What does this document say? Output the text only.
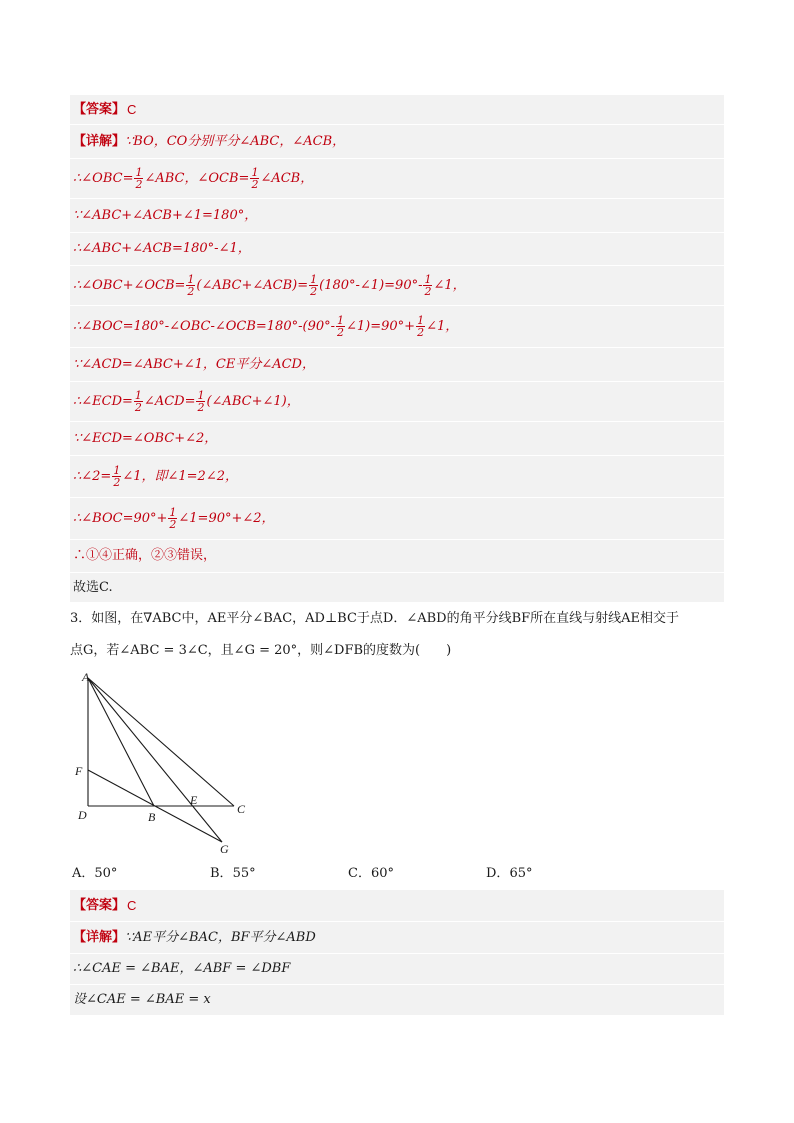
【答案】 C
【详解】 ∵BO，CO分别平分∠ABC，∠ACB，
∴∠OBC= $\frac{1}{2}$ ∠ABC，∠OCB= $\frac{1}{2}$ ∠ACB，
∵∠ABC+∠ACB+∠1=180°，
∴∠ABC+∠ACB=180°-∠1，
∴∠OBC+∠OCB= $\frac{1}{2}$ (∠ABC+∠ACB)= $\frac{1}{2}$ (180°-∠1)=90°- $\frac{1}{2}$ ∠1，
∴∠BOC=180°-∠OBC-∠OCB=180°-(90°- $\frac{1}{2}$ ∠1)=90°+ $\frac{1}{2}$ ∠1，
∵∠ACD=∠ABC+∠1，CE平分∠ACD，
∴∠ECD= $\frac{1}{2}$ ∠ACD= $\frac{1}{2}$ (∠ABC+∠1)，
∵∠ECD=∠OBC+∠2，
∴∠2= $\frac{1}{2}$ ∠1，即∠1=2∠2，
∴∠BOC=90°+ $\frac{1}{2}$ ∠1=90°+∠2，
∴①④正确，②③错误，
故选C.
3．如图，在∇ABC中，AE平分∠BAC，AD⊥BC于点D．∠ABD的角平分线BF所在直线与射线AE相交于
点G，若∠ABC = 3∠C，且∠G = 20°，则∠DFB的度数为(　　)
A
F
D	B
E
C
G
A．50°	B．55°	C．60°	D．65°
【答案】 C
【详解】 ∵AE平分∠BAC，BF平分∠ABD
∴∠CAE = ∠BAE，∠ABF = ∠DBF
设∠CAE = ∠BAE = x
